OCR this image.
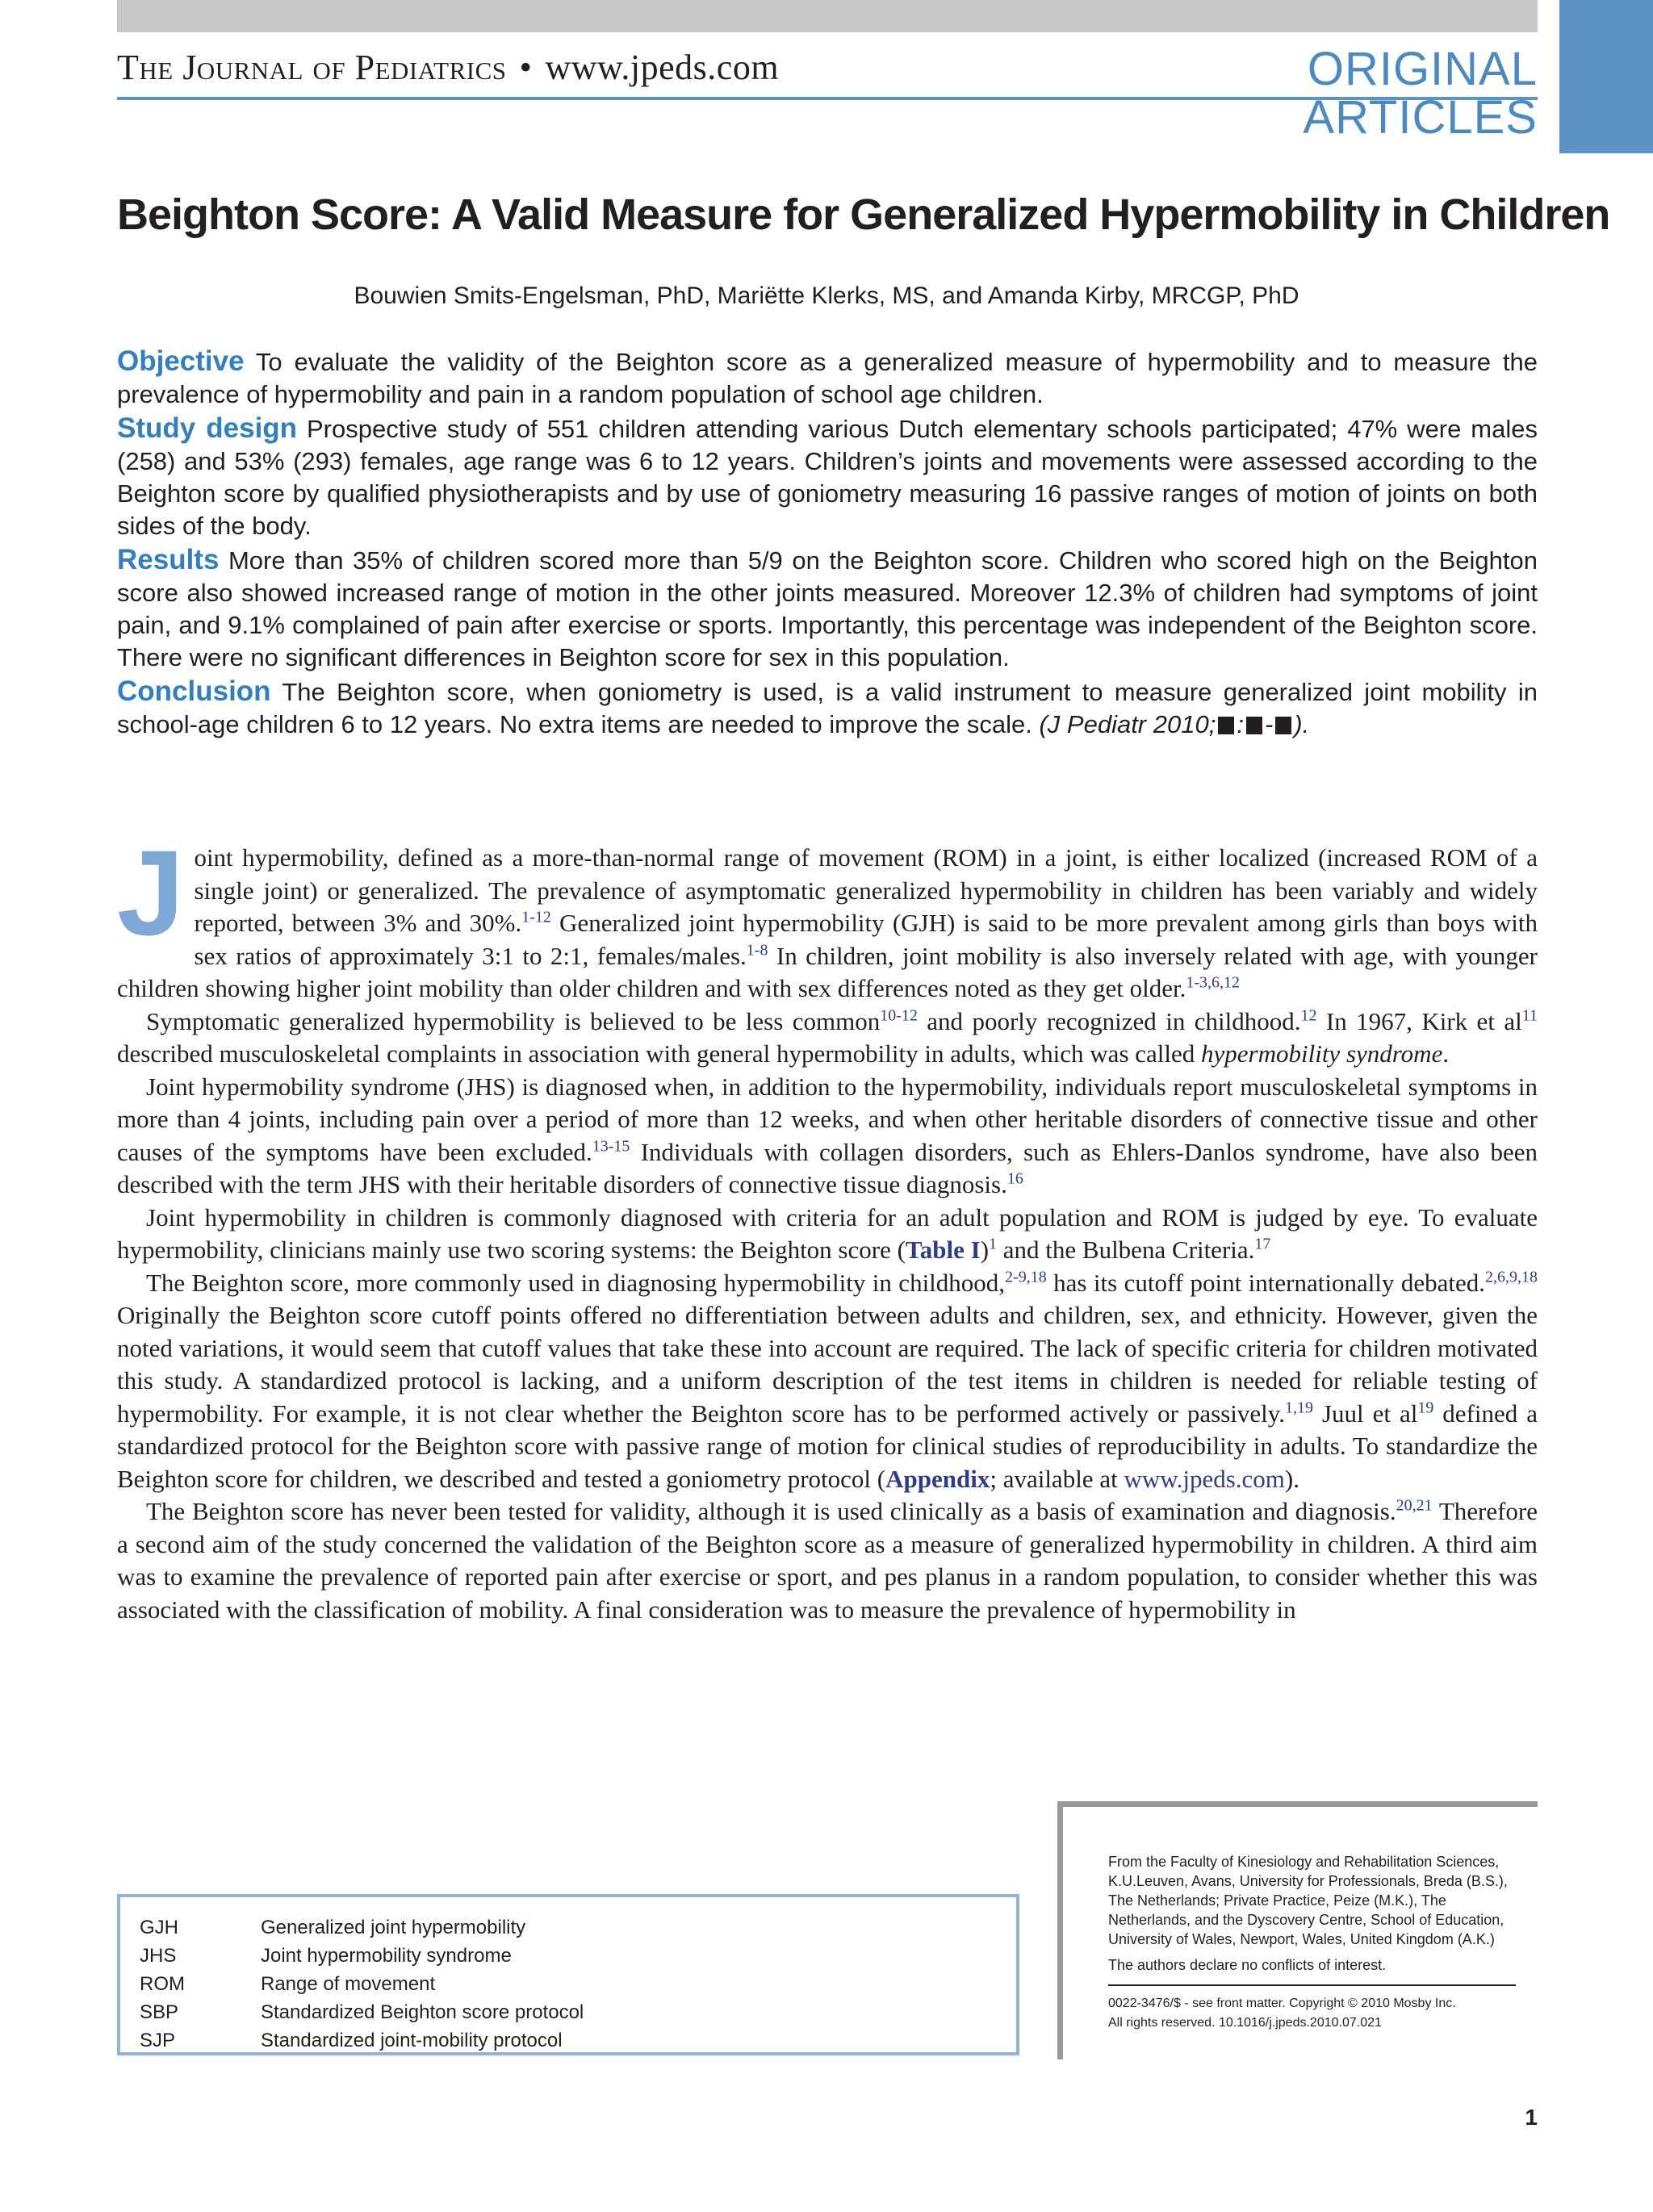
The Journal of Pediatrics • www.jpeds.com	ORIGINAL
ARTICLES
Beighton Score: A Valid Measure for Generalized Hypermobility in Children
Bouwien Smits-Engelsman, PhD, Mariëtte Klerks, MS, and Amanda Kirby, MRCGP, PhD

Objective To evaluate the validity of the Beighton score as a generalized measure of hypermobility and to measure the prevalence of hypermobility and pain in a random population of school age children.

Study design Prospective study of 551 children attending various Dutch elementary schools participated; 47% were males (258) and 53% (293) females, age range was 6 to 12 years. Children’s joints and movements were assessed according to the Beighton score by qualified physiotherapists and by use of goniometry measuring 16 passive ranges of motion of joints on both sides of the body.

Results More than 35% of children scored more than 5/9 on the Beighton score. Children who scored high on the Beighton score also showed increased range of motion in the other joints measured. Moreover 12.3% of children had symptoms of joint pain, and 9.1% complained of pain after exercise or sports. Importantly, this percentage was independent of the Beighton score. There were no significant differences in Beighton score for sex in this population.

Conclusion The Beighton score, when goniometry is used, is a valid instrument to measure generalized joint mobility in school-age children 6 to 12 years. No extra items are needed to improve the scale. (J Pediatr 2010; : - ).

Joint hypermobility, defined as a more-than-normal range of movement (ROM) in a joint, is either localized (increased ROM of a single joint) or generalized. The prevalence of asymptomatic generalized hypermobility in children has been variably and widely reported, between 3% and 30%.$^{1-12}$ Generalized joint hypermobility (GJH) is said to be more prevalent among girls than boys with sex ratios of approximately 3:1 to 2:1, females/males.$^{1-8}$ In children, joint mobility is also inversely related with age, with younger children showing higher joint mobility than older children and with sex differences noted as they get older.$^{1-3,6,12}$

Symptomatic generalized hypermobility is believed to be less common$^{10-12}$ and poorly recognized in childhood.$^{12}$ In 1967, Kirk et $al^{11}$ described musculoskeletal complaints in association with general hypermobility in adults, which was called hypermobility syndrome.

Joint hypermobility syndrome (JHS) is diagnosed when, in addition to the hypermobility, individuals report musculoskeletal symptoms in more than 4 joints, including pain over a period of more than 12 weeks, and when other heritable disorders of connective tissue and other causes of the symptoms have been excluded.$^{13-15}$ Individuals with collagen disorders, such as Ehlers-Danlos syndrome, have also been described with the term JHS with their heritable disorders of connective tissue diagnosis.$^{16}$

Joint hypermobility in children is commonly diagnosed with criteria for an adult population and ROM is judged by eye. To evaluate hypermobility, clinicians mainly use two scoring systems: the Beighton score (Table I)$^1$ and the Bulbena Criteria.$^{17}$

The Beighton score, more commonly used in diagnosing hypermobility in childhood,$^{2-9,18}$ has its cutoff point internationally debated.$^{2,6,9,18}$ Originally the Beighton score cutoff points offered no differentiation between adults and children, sex, and ethnicity. However, given the noted variations, it would seem that cutoff values that take these into account are required. The lack of specific criteria for children motivated this study. A standardized protocol is lacking, and a uniform description of the test items in children is needed for reliable testing of hypermobility. For example, it is not clear whether the Beighton score has to be performed actively or passively.$^{1,19}$ Juul et $al^{19}$ defined a standardized protocol for the Beighton score with passive range of motion for clinical studies of reproducibility in adults. To standardize the Beighton score for children, we described and tested a goniometry protocol (Appendix; available at www.jpeds.com).

The Beighton score has never been tested for validity, although it is used clinically as a basis of examination and diagnosis.$^{20,21}$ Therefore a second aim of the study concerned the validation of the Beighton score as a measure of generalized hypermobility in children. A third aim was to examine the prevalence of reported pain after exercise or sport, and pes planus in a random population, to consider whether this was associated with the classification of mobility. A final consideration was to measure the prevalence of hypermobility in

GJH	Generalized joint hypermobility
JHS	Joint hypermobility syndrome
ROM	Range of movement
SBP	Standardized Beighton score protocol
SJP	Standardized joint-mobility protocol

From the Faculty of Kinesiology and Rehabilitation Sciences, K.U.Leuven, Avans, University for Professionals, Breda (B.S.), The Netherlands; Private Practice, Peize (M.K.), The Netherlands, and the Dyscovery Centre, School of Education, University of Wales, Newport, Wales, United Kingdom (A.K.)

The authors declare no conflicts of interest.

0022-3476/$ - see front matter. Copyright © 2010 Mosby Inc.

All rights reserved. 10.1016/j.jpeds.2010.07.021

1
